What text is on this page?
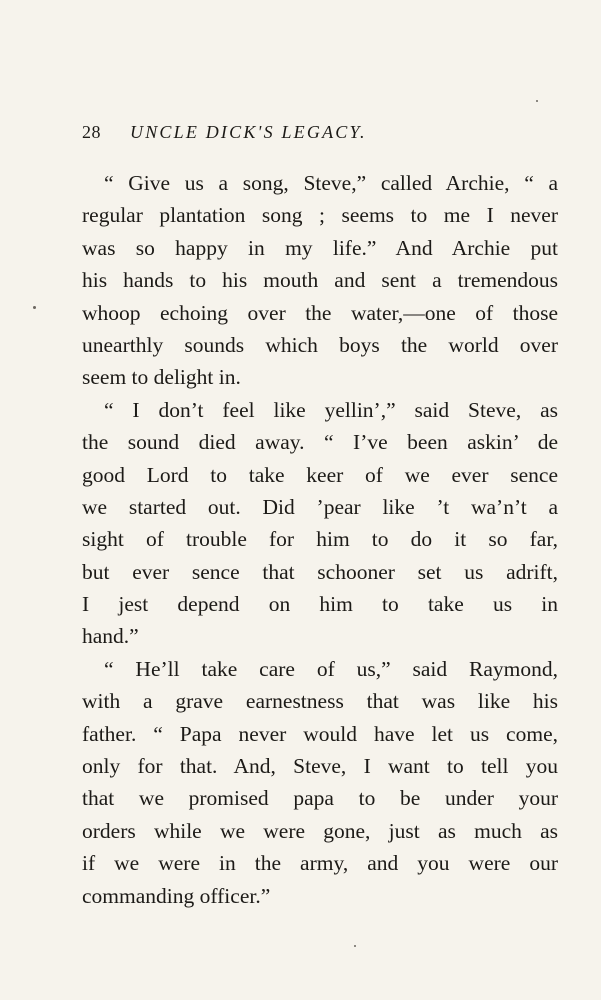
28 UNCLE DICK'S LEGACY.
“ Give us a song, Steve,” called Archie, “ a
regular plantation song ; seems to me I never
was so happy in my life.” And Archie put
his hands to his mouth and sent a tremendous
whoop echoing over the water,—one of those
unearthly sounds which boys the world over
seem to delight in.
“ I don’t feel like yellin’,” said Steve, as
the sound died away. “ I’ve been askin’ de
good Lord to take keer of we ever sence
we started out. Did ’pear like ’t wa’n’t a
sight of trouble for him to do it so far,
but ever sence that schooner set us adrift,
I jest depend on him to take us in
hand.”
“ He’ll take care of us,” said Raymond,
with a grave earnestness that was like his
father. “ Papa never would have let us come,
only for that. And, Steve, I want to tell you
that we promised papa to be under your
orders while we were gone, just as much as
if we were in the army, and you were our
commanding officer.”
